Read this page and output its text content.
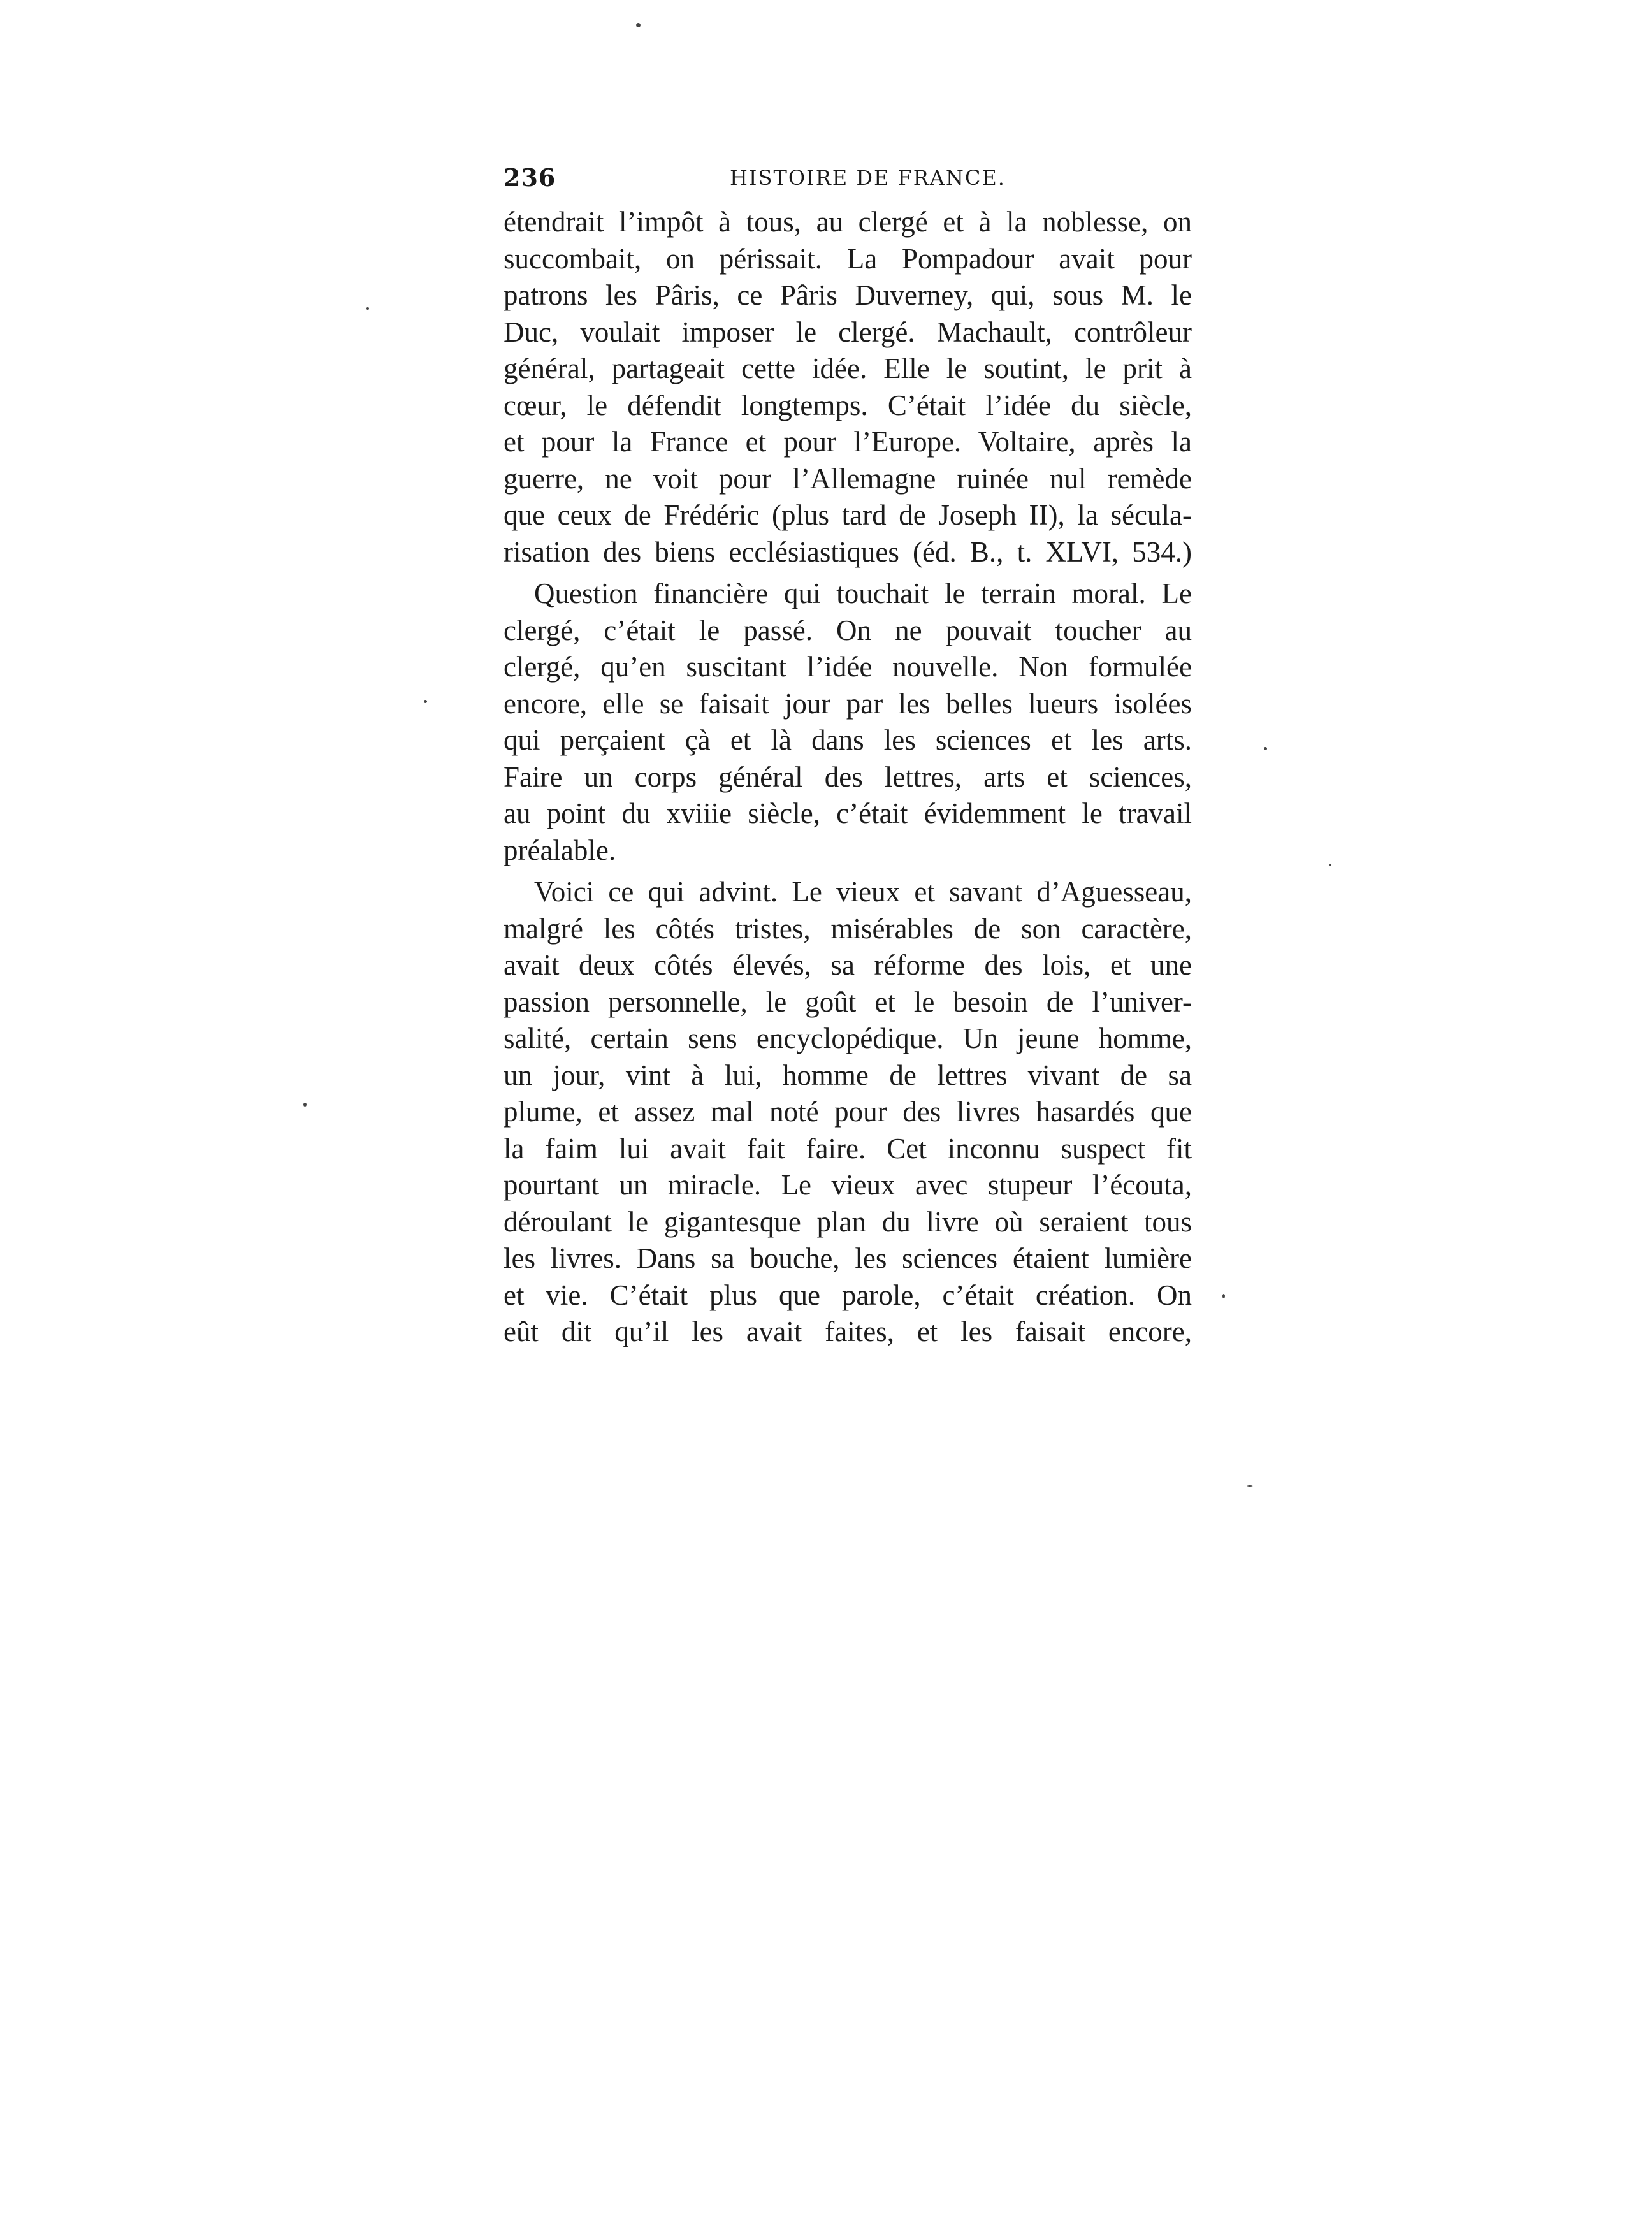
236	HISTOIRE DE FRANCE.
étendrait l’impôt à tous, au clergé et à la noblesse, on
succombait, on périssait. La Pompadour avait pour
patrons les Pâris, ce Pâris Duverney, qui, sous M. le
Duc, voulait imposer le clergé. Machault, contrôleur
général, partageait cette idée. Elle le soutint, le prit à
cœur, le défendit longtemps. C’était l’idée du siècle,
et pour la France et pour l’Europe. Voltaire, après la
guerre, ne voit pour l’Allemagne ruinée nul remède
que ceux de Frédéric (plus tard de Joseph II), la sécula-
risation des biens ecclésiastiques (éd. B., t. XLVI, 534.)
Question financière qui touchait le terrain moral. Le
clergé, c’était le passé. On ne pouvait toucher au
clergé, qu’en suscitant l’idée nouvelle. Non formulée
encore, elle se faisait jour par les belles lueurs isolées
qui perçaient çà et là dans les sciences et les arts.
Faire un corps général des lettres, arts et sciences,
au point du xviiie siècle, c’était évidemment le travail
préalable.
Voici ce qui advint. Le vieux et savant d’Aguesseau,
malgré les côtés tristes, misérables de son caractère,
avait deux côtés élevés, sa réforme des lois, et une
passion personnelle, le goût et le besoin de l’univer-
salité, certain sens encyclopédique. Un jeune homme,
un jour, vint à lui, homme de lettres vivant de sa
plume, et assez mal noté pour des livres hasardés que
la faim lui avait fait faire. Cet inconnu suspect fit
pourtant un miracle. Le vieux avec stupeur l’écouta,
déroulant le gigantesque plan du livre où seraient tous
les livres. Dans sa bouche, les sciences étaient lumière
et vie. C’était plus que parole, c’était création. On
eût dit qu’il les avait faites, et les faisait encore,
